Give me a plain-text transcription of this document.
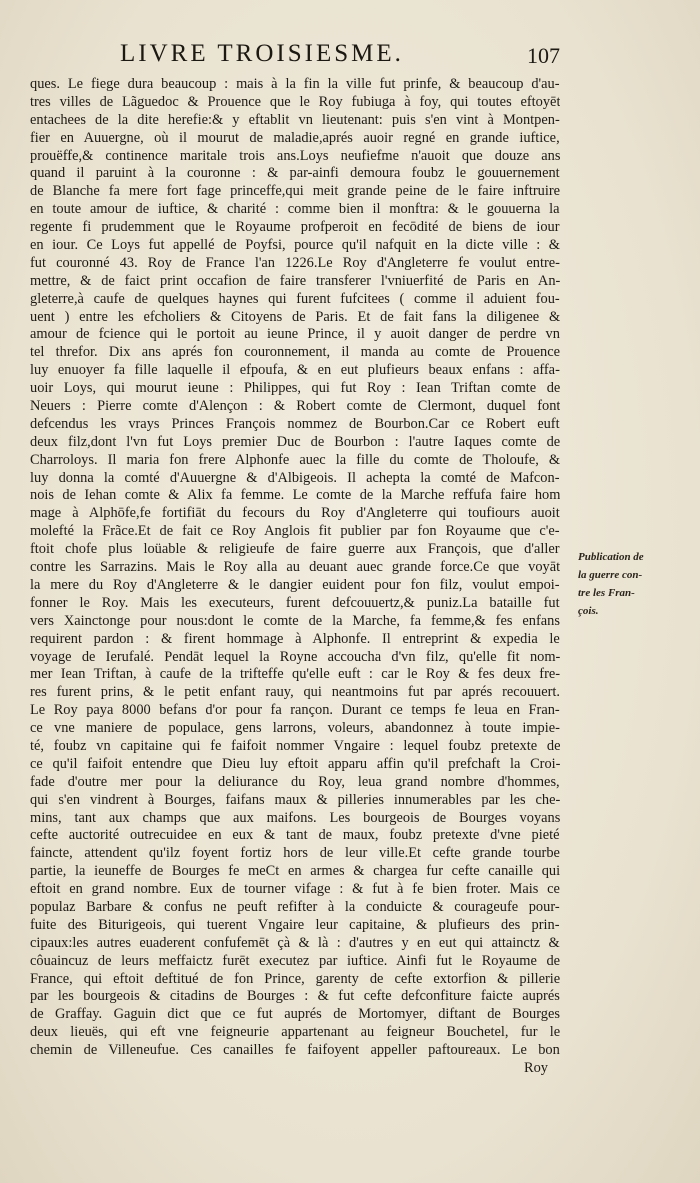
LIVRE TROISIESME.	107
ques. Le fiege dura beaucoup : mais à la fin la ville fut prinfe, & beaucoup d'au-
tres villes de Lãguedoc & Prouence que le Roy fubiuga à foy, qui toutes eftoyēt
entachees de la dite herefie:& y eftablit vn lieutenant: puis s'en vint à Montpen-
fier en Auuergne, où il mourut de maladie,aprés auoir regné en grande iuftice,
prouëffe,& continence maritale trois ans.Loys neufiefme n'auoit que douze ans
quand il paruint à la couronne : & par-ainfi demoura foubz le gouuernement
de Blanche fa mere fort fage princeffe,qui meit grande peine de le faire inftruire
en toute amour de iuftice, & charité : comme bien il monftra: & le gouuerna la
regente fi prudemment que le Royaume profperoit en fecōdité de biens de iour
en iour. Ce Loys fut appellé de Poyfsi, pource qu'il nafquit en la dicte ville : &
fut couronné 43. Roy de France l'an 1226.Le Roy d'Angleterre fe voulut entre-
mettre, & de faict print occafion de faire transferer l'vniuerfité de Paris en An-
gleterre,à caufe de quelques haynes qui furent fufcitees ( comme il aduient fou-
uent ) entre les efcholiers & Citoyens de Paris. Et de fait fans la diligenee &
amour de fcience qui le portoit au ieune Prince, il y auoit danger de perdre vn
tel threfor. Dix ans aprés fon couronnement, il manda au comte de Prouence
luy enuoyer fa fille laquelle il efpoufa, & en eut plufieurs beaux enfans : affa-
uoir Loys, qui mourut ieune : Philippes, qui fut Roy : Iean Triftan comte de
Neuers : Pierre comte d'Alençon : & Robert comte de Clermont, duquel font
defcendus les vrays Princes François nommez de Bourbon.Car ce Robert euft
deux filz,dont l'vn fut Loys premier Duc de Bourbon : l'autre Iaques comte de
Charroloys. Il maria fon frere Alphonfe auec la fille du comte de Tholoufe, &
luy donna la comté d'Auuergne & d'Albigeois. Il achepta la comté de Mafcon-
nois de Iehan comte & Alix fa femme. Le comte de la Marche reffufa faire hom
mage à Alphōfe,fe fortifiāt du fecours du Roy d'Angleterre qui toufiours auoit
molefté la Frãce.Et de fait ce Roy Anglois fit publier par fon Royaume que c'e-
ftoit chofe plus loüable & religieufe de faire guerre aux François, que d'aller
contre les Sarrazins. Mais le Roy alla au deuant auec grande force.Ce que voyāt
la mere du Roy d'Angleterre & le dangier euident pour fon filz, voulut empoi-
fonner le Roy. Mais les executeurs, furent defcouuertz,& puniz.La bataille fut
vers Xainctonge pour nous:dont le comte de la Marche, fa femme,& fes enfans
requirent pardon : & firent hommage à Alphonfe. Il entreprint & expedia le
voyage de Ierufalé. Pendāt lequel la Royne accoucha d'vn filz, qu'elle fit nom-
mer Iean Triftan, à caufe de la trifteffe qu'elle euft : car le Roy & fes deux fre-
res furent prins, & le petit enfant rauy, qui neantmoins fut par aprés recouuert.
Le Roy paya 8000 befans d'or pour fa rançon. Durant ce temps fe leua en Fran-
ce vne maniere de populace, gens larrons, voleurs, abandonnez à toute impie-
té, foubz vn capitaine qui fe faifoit nommer Vngaire : lequel foubz pretexte de
ce qu'il faifoit entendre que Dieu luy eftoit apparu affin qu'il prefchaft la Croi-
fade d'outre mer pour la deliurance du Roy, leua grand nombre d'hommes,
qui s'en vindrent à Bourges, faifans maux & pilleries innumerables par les che-
mins, tant aux champs que aux maifons. Les bourgeois de Bourges voyans
cefte auctorité outrecuidee en eux & tant de maux, foubz pretexte d'vne pieté
faincte, attendent qu'ilz foyent fortiz hors de leur ville.Et cefte grande tourbe
partie, la ieuneffe de Bourges fe meCt en armes & chargea fur cefte canaille qui
eftoit en grand nombre. Eux de tourner vifage : & fut à fe bien froter. Mais ce
populaz Barbare & confus ne peuft refifter à la conduicte & courageufe pour-
fuite des Biturigeois, qui tuerent Vngaire leur capitaine, & plufieurs des prin-
cipaux:les autres euaderent confufemēt çà & là : d'autres y en eut qui attainctz &
côuaincuz de leurs meffaictz furēt executez par iuftice. Ainfi fut le Royaume de
France, qui eftoit deftitué de fon Prince, garenty de cefte extorfion & pillerie
par les bourgeois & citadins de Bourges : & fut cefte defconfiture faicte auprés
de Graffay. Gaguin dict que ce fut auprés de Mortomyer, diftant de Bourges
deux lieuës, qui eft vne feigneurie appartenant au feigneur Bouchetel, fur le
chemin de Villeneufue. Ces canailles fe faifoyent appeller paftoureaux. Le bon
Roy
Publication de
la guerre con-
tre les Fran-
çois.
